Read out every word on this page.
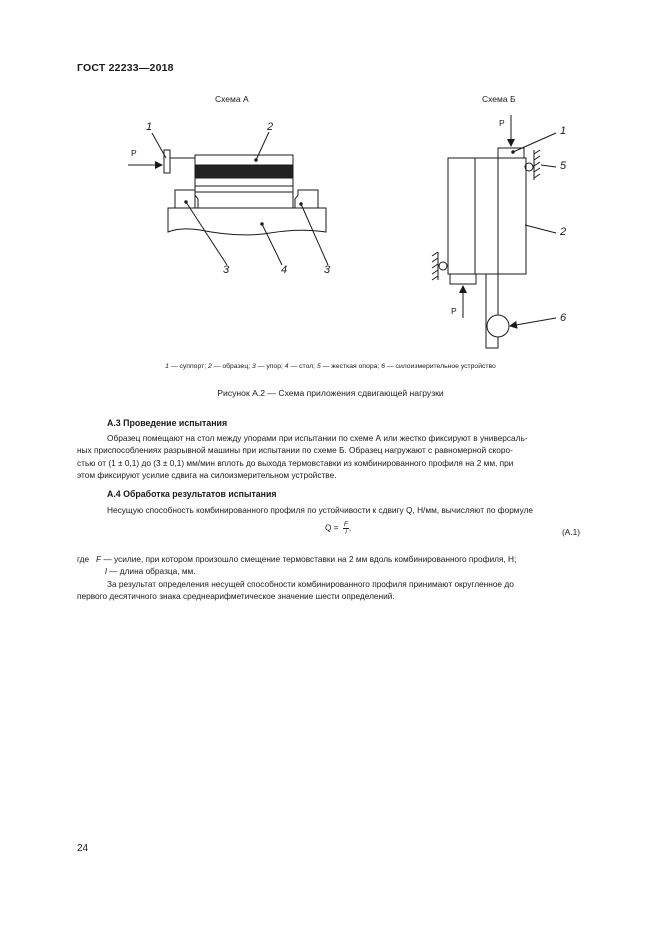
ГОСТ 22233—2018
Схема А	Схема Б
1	2
P
3	4	3
P
1
5
2
P
6
1 — суппорт; 2 — образец; 3 — упор; 4 — стол; 5 — жесткая опора; 6 — силоизмерительное устройство
Рисунок А.2 — Схема приложения сдвигающей нагрузки
А.3 Проведение испытания
Образец помещают на стол между упорами при испытании по схеме А или жестко фиксируют в универсаль-
ных приспособлениях разрывной машины при испытании по схеме Б. Образец нагружают с равномерной скоро-
стью от (1 ± 0,1) до (3 ± 0,1) мм/мин вплоть до выхода термовставки из комбинированного профиля на 2 мм, при
этом фиксируют усилие сдвига на силоизмерительном устройстве.
А.4 Обработка результатов испытания
Несущую способность комбинированного профиля по устойчивости к сдвигу Q, Н/мм, вычисляют по формуле
$Q = \frac{F}{l}$ ,	(А.1)
где F — усилие, при котором произошло смещение термовставки на 2 мм вдоль комбинированного профиля, Н;
l — длина образца, мм.
За результат определения несущей способности комбинированного профиля принимают округленное до
первого десятичного знака среднеарифметическое значение шести определений.
24
